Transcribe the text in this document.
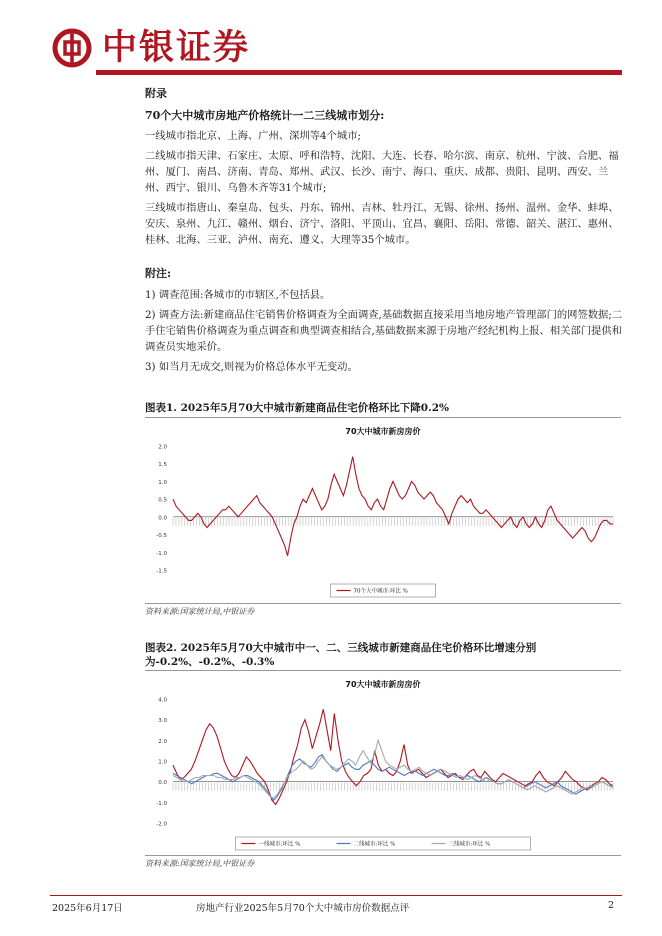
中银证券

附录

70个大中城市房地产价格统计一二三线城市划分:

一线城市指北京、上海、广州、深圳等4个城市;

二线城市指天津、石家庄、太原、呼和浩特、沈阳、大连、长春、哈尔滨、南京、杭州、宁波、合肥、福州、厦门、南昌、济南、青岛、郑州、武汉、长沙、南宁、海口、重庆、成都、贵阳、昆明、西安、兰州、西宁、银川、乌鲁木齐等31个城市;

三线城市指唐山、秦皇岛、包头、丹东、锦州、吉林、牡丹江、无锡、徐州、扬州、温州、金华、蚌埠、安庆、泉州、九江、赣州、烟台、济宁、洛阳、平顶山、宜昌、襄阳、岳阳、常德、韶关、湛江、惠州、桂林、北海、三亚、泸州、南充、遵义、大理等35个城市。

附注:

1) 调查范围:各城市的市辖区,不包括县。

2) 调查方法:新建商品住宅销售价格调查为全面调查,基础数据直接采用当地房地产管理部门的网签数据;二手住宅销售价格调查为重点调查和典型调查相结合,基础数据来源于房地产经纪机构上报、相关部门提供和调查员实地采价。

3) 如当月无成交,则视为价格总体水平无变动。

图表1. 2025年5月70大中城市新建商品住宅价格环比下降0.2%
70大中城市新房房价
2.0
1.5
1.0
0.5
0.0
-0.5
-1.0
-1.5
70个大中城市:环比 %
资料来源:国家统计局,中银证券
图表2. 2025年5月70大中城市中一、二、三线城市新建商品住宅价格环比增速分别为-0.2%、-0.2%、-0.3%
70大中城市新房房价
4.0
3.0
2.0
1.0
0.0
-1.0
-2.0
一线城市:环比 %	二线城市:环比 %	三线城市:环比 %
资料来源:国家统计局,中银证券
2025年6月17日	房地产行业2025年5月70个大中城市房价数据点评	2
